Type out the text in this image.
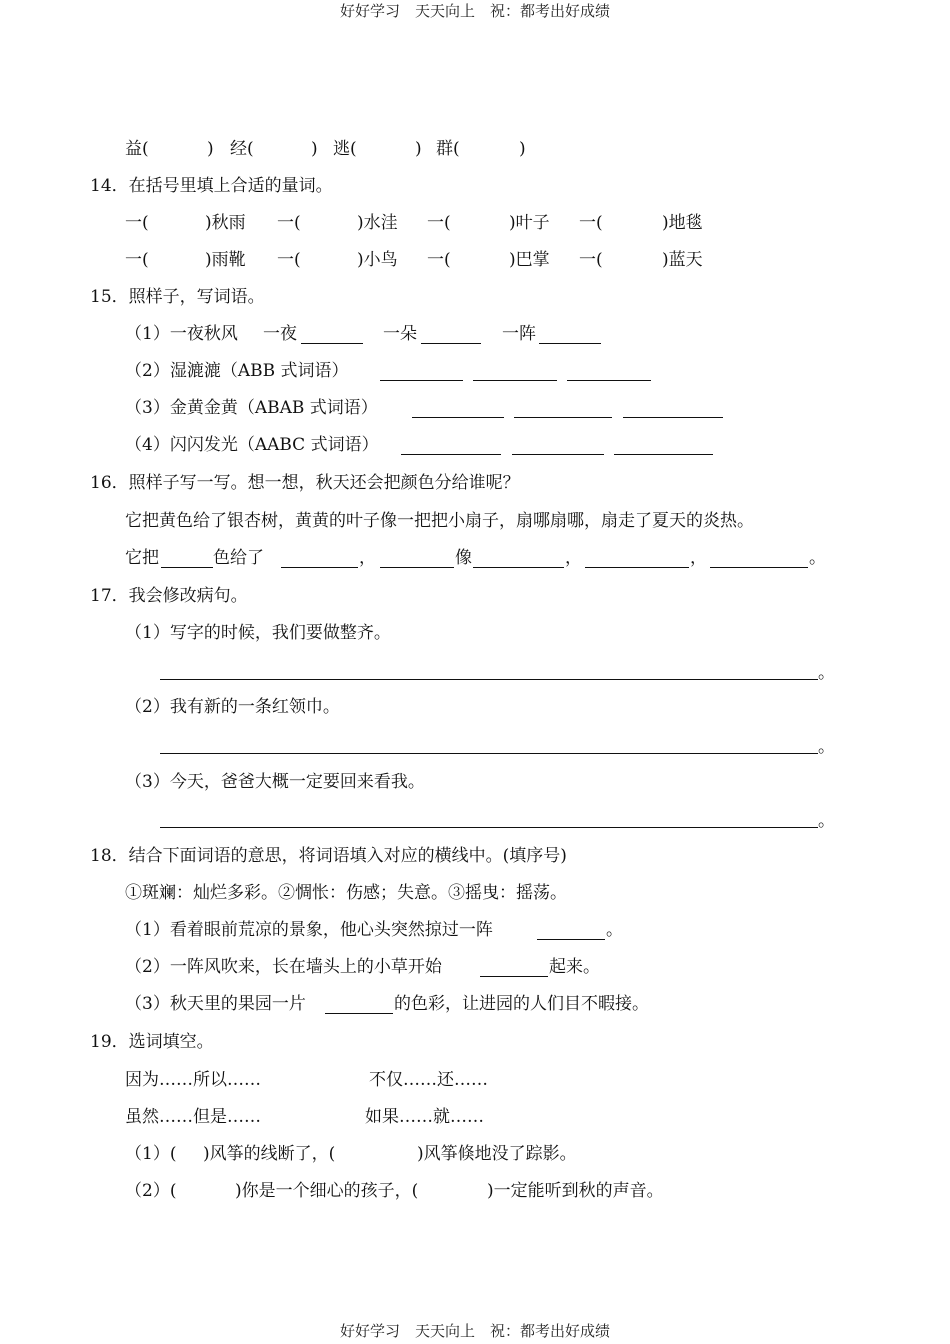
好好学习　天天向上　祝：都考出好成绩
益(	) 经(	) 逃(	) 群(	)
14．在括号里填上合适的量词。
一(	)秋雨 一(	)水洼 一(	)叶子 一(	)地毯
一(	)雨靴 一(	)小鸟 一(	)巴掌 一(	)蓝天
15．照样子，写词语。
（1）一夜秋风 一夜	一朵	一阵
（2）湿漉漉（ABB 式词语）
（3）金黄金黄（ABAB 式词语）
（4）闪闪发光（AABC 式词语）
16．照样子写一写。想一想，秋天还会把颜色分给谁呢？
它把黄色给了银杏树，黄黄的叶子像一把把小扇子，扇哪扇哪，扇走了夏天的炎热。
它把	色给了	，	像	，	，	。
17．我会修改病句。
（1）写字的时候，我们要做整齐。
。
（2）我有新的一条红领巾。
。
（3）今天，爸爸大概一定要回来看我。
。
18．结合下面词语的意思，将词语填入对应的横线中。(填序号)
①斑斓：灿烂多彩。②惆怅：伤感；失意。③摇曳：摇荡。
（1）看着眼前荒凉的景象，他心头突然掠过一阵	。
（2）一阵风吹来，长在墙头上的小草开始	起来。
（3）秋天里的果园一片	的色彩，让进园的人们目不暇接。
19．选词填空。
因为……所以……	不仅……还……
虽然……但是……	如果……就……
（1）( )风筝的线断了，(	)风筝倏地没了踪影。
（2）(	)你是一个细心的孩子，(	)一定能听到秋的声音。
好好学习　天天向上　祝：都考出好成绩
